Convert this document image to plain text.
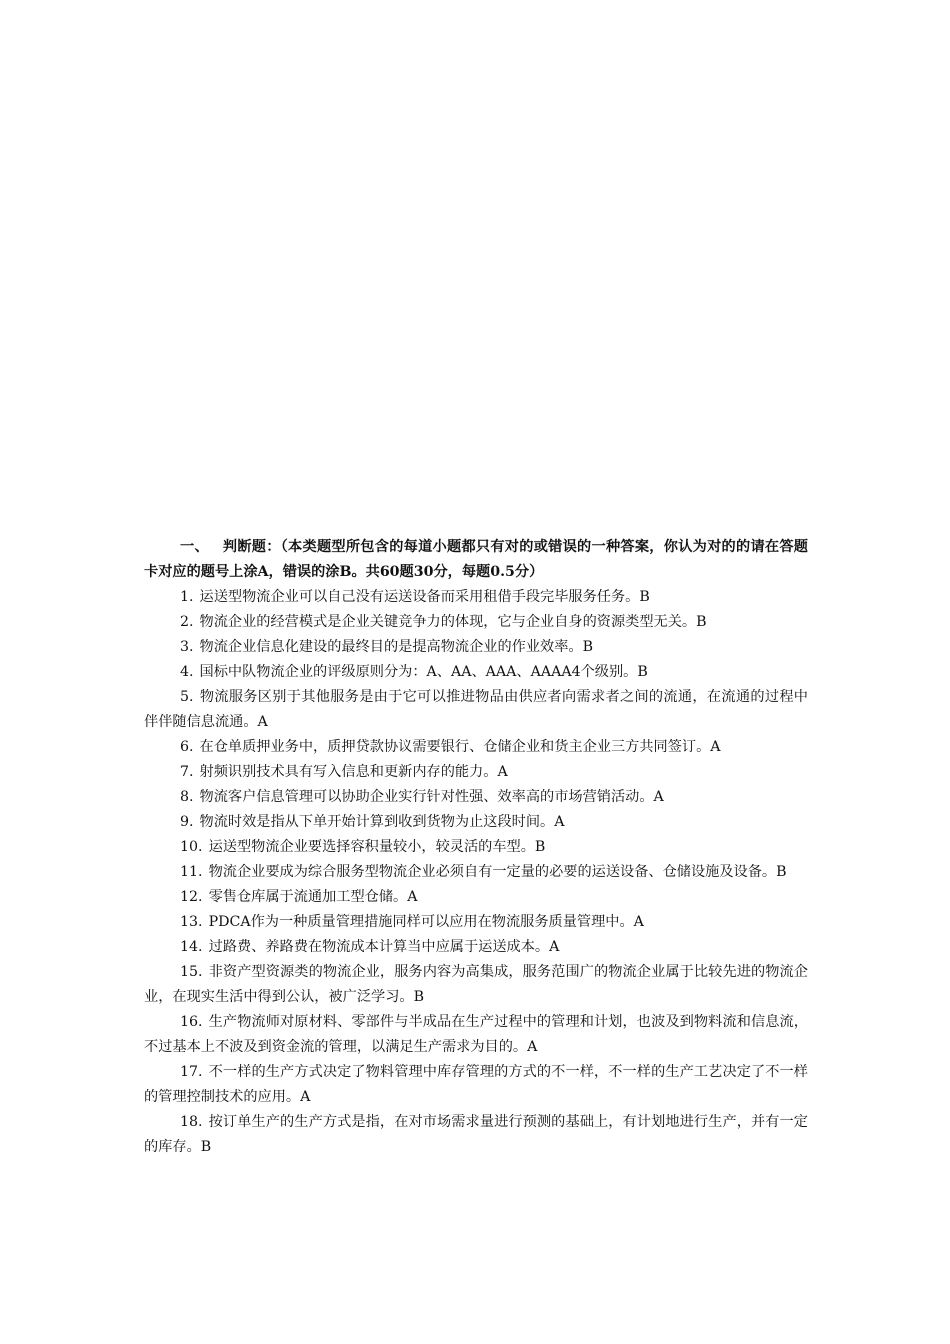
一、 判断题：（本类题型所包含的每道小题都只有对的或错误的一种答案，你认为对的的请在答题卡对应的题号上涂A，错误的涂B。共60题30分，每题0.5分）

1. 运送型物流企业可以自己没有运送设备而采用租借手段完毕服务任务。B
2. 物流企业的经营模式是企业关键竞争力的体现，它与企业自身的资源类型无关。B
3. 物流企业信息化建设的最终目的是提高物流企业的作业效率。B
4. 国标中队物流企业的评级原则分为：A、AA、AAA、AAAA4个级别。B
5. 物流服务区别于其他服务是由于它可以推进物品由供应者向需求者之间的流通，在流通的过程中伴伴随信息流通。A
6. 在仓单质押业务中，质押贷款协议需要银行、仓储企业和货主企业三方共同签订。A
7. 射频识别技术具有写入信息和更新内存的能力。A
8. 物流客户信息管理可以协助企业实行针对性强、效率高的市场营销活动。A
9. 物流时效是指从下单开始计算到收到货物为止这段时间。A
10. 运送型物流企业要选择容积量较小，较灵活的车型。B
11. 物流企业要成为综合服务型物流企业必须自有一定量的必要的运送设备、仓储设施及设备。B
12. 零售仓库属于流通加工型仓储。A
13. PDCA作为一种质量管理措施同样可以应用在物流服务质量管理中。A
14. 过路费、养路费在物流成本计算当中应属于运送成本。A
15. 非资产型资源类的物流企业，服务内容为高集成，服务范围广的物流企业属于比较先进的物流企业，在现实生活中得到公认，被广泛学习。B
16. 生产物流师对原材料、零部件与半成品在生产过程中的管理和计划，也波及到物料流和信息流，不过基本上不波及到资金流的管理，以满足生产需求为目的。A
17. 不一样的生产方式决定了物料管理中库存管理的方式的不一样，不一样的生产工艺决定了不一样的管理控制技术的应用。A
18. 按订单生产的生产方式是指，在对市场需求量进行预测的基础上，有计划地进行生产，并有一定的库存。B
